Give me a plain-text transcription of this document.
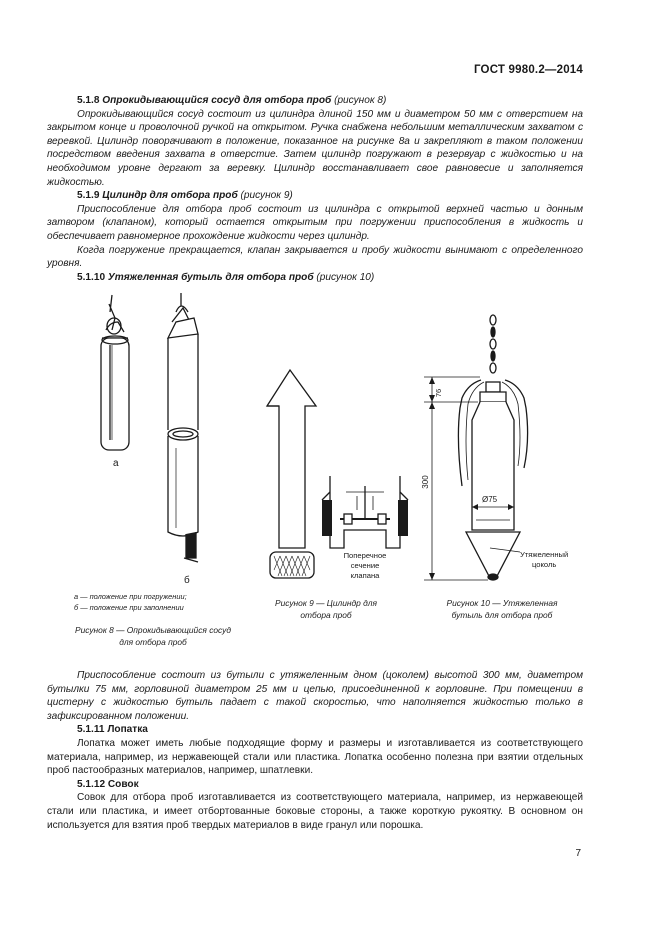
ГОСТ 9980.2—2014

5.1.8 Опрокидывающийся сосуд для отбора проб (рисунок 8)

Опрокидывающийся сосуд состоит из цилиндра длиной 150 мм и диаметром 50 мм с отверстием на закрытом конце и проволочной ручкой на открытом. Ручка снабжена небольшим металлическим захватом с веревкой. Цилиндр поворачивают в положение, показанное на рисунке 8а и закрепляют в таком положении посредством введения захвата в отверстие. Затем цилиндр погружают в резервуар с жидкостью и на необходимом уровне дергают за веревку. Цилиндр восстанавливает свое равновесие и заполняется жидкостью.

5.1.9 Цилиндр для отбора проб (рисунок 9)

Приспособление для отбора проб состоит из цилиндра с открытой верхней частью и донным затвором (клапаном), который остается открытым при погружении приспособления в жидкость и обеспечивает равномерное прохождение жидкости через цилиндр.

Когда погружение прекращается, клапан закрывается и пробу жидкости вынимают с определенного уровня.

5.1.10 Утяжеленная бутыль для отбора проб (рисунок 10)

а
б
Поперечное
сечение
клапана
76
300
Ø75
Утяжеленный
цоколь
а — положение при погружении;
б — положение при заполнении
Рисунок 8 — Опрокидывающийся сосуд
для отбора проб
Рисунок 9 — Цилиндр для
отбора проб
Рисунок 10 — Утяжеленная
бутыль для отбора проб

Приспособление состоит из бутыли с утяжеленным дном (цоколем) высотой 300 мм, диаметром бутылки 75 мм, горловиной диаметром 25 мм и цепью, присоединенной к горловине. При помещении в цистерну с жидкостью бутыль падает с такой скоростью, что наполняется жидкостью только в зафиксированном положении.

5.1.11 Лопатка

Лопатка может иметь любые подходящие форму и размеры и изготавливается из соответствующего материала, например, из нержавеющей стали или пластика. Лопатка особенно полезна при взятии отдельных проб пастообразных материалов, например, шпатлевки.

5.1.12 Совок

Совок для отбора проб изготавливается из соответствующего материала, например, из нержавеющей стали или пластика, и имеет отбортованные боковые стороны, а также короткую рукоятку. В основном он используется для взятия проб твердых материалов в виде гранул или порошка.

7
